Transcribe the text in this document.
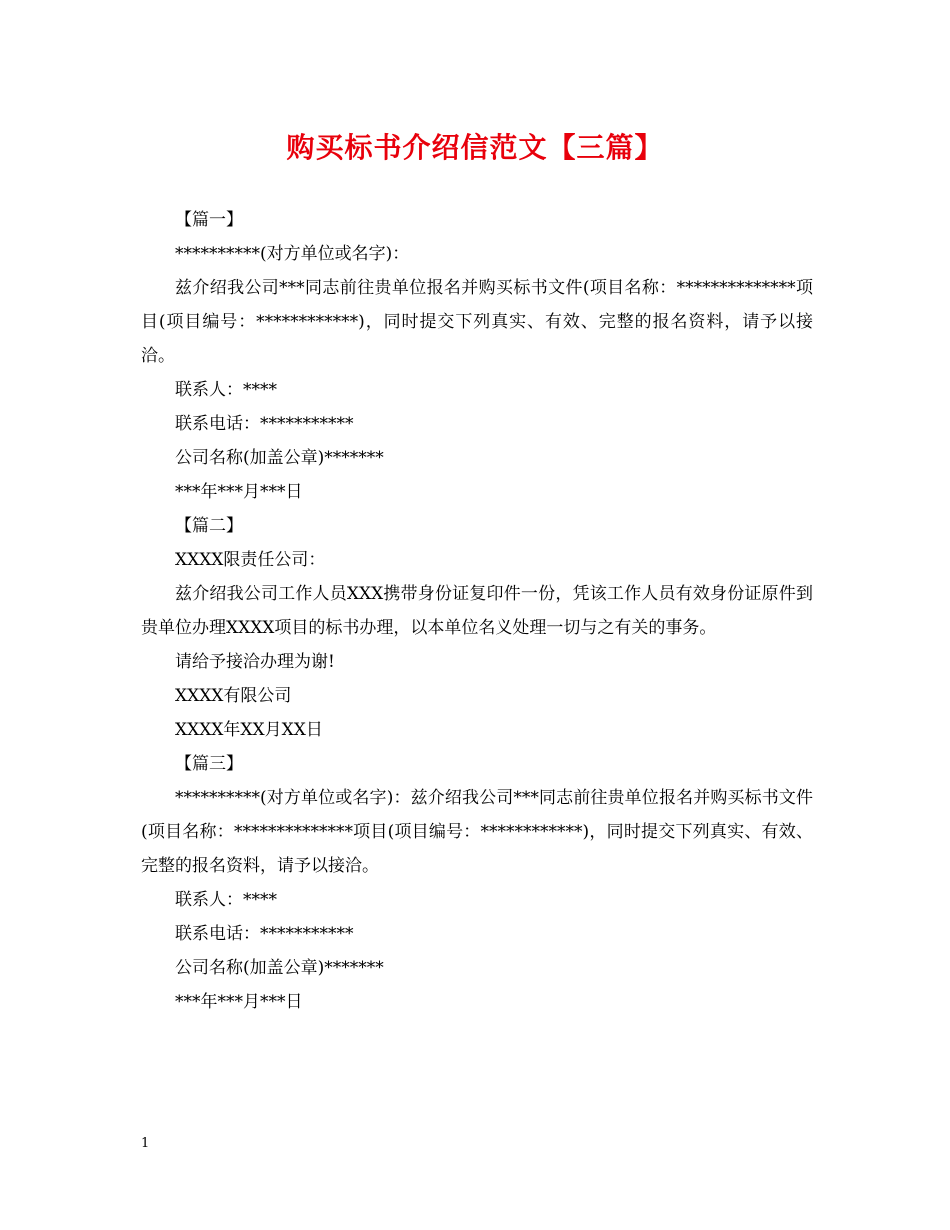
购买标书介绍信范文【三篇】

【篇一】

**********(对方单位或名字)：

兹介绍我公司***同志前往贵单位报名并购买标书文件(项目名称：**************项目(项目编号：************)，同时提交下列真实、有效、完整的报名资料，请予以接洽。

联系人：****

联系电话：***********

公司名称(加盖公章)*******

***年***月***日

【篇二】

XXXX限责任公司：

兹介绍我公司工作人员XXX携带身份证复印件一份，凭该工作人员有效身份证原件到贵单位办理XXXX项目的标书办理，以本单位名义处理一切与之有关的事务。

请给予接洽办理为谢!

XXXX有限公司

XXXX年XX月XX日

【篇三】

**********(对方单位或名字)：兹介绍我公司***同志前往贵单位报名并购买标书文件(项目名称：**************项目(项目编号：************)，同时提交下列真实、有效、完整的报名资料，请予以接洽。

联系人：****

联系电话：***********

公司名称(加盖公章)*******

***年***月***日

1
